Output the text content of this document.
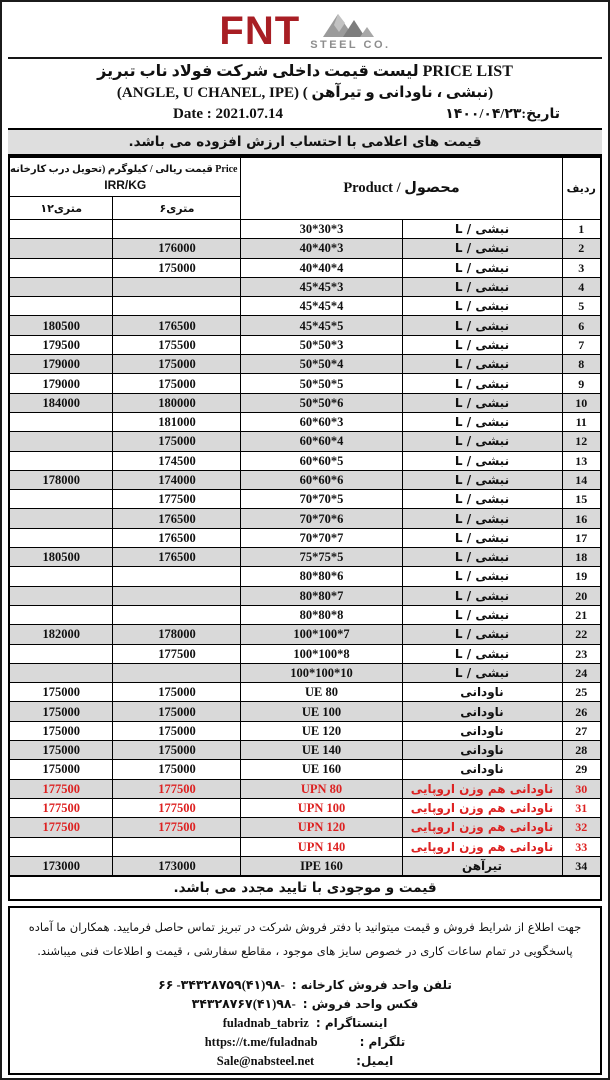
FNT STEEL CO.
PRICE LIST لیست قیمت داخلی شرکت فولاد ناب تبریز
(نبشی ، ناودانی و تیرآهن ) (ANGLE, U CHANEL, IPE)
Date : 2021.07.14	تاریخ:۱۴۰۰/۰۴/۲۳
قیمت های اعلامی با احتساب ارزش افزوده می باشد.
ردیف	محصول / Product		Price قیمت ریالی / کیلوگرم (تحویل درب کارخانه
IRR/KG	

			۶متری	۱۲متری
1	نبشی / L	30*30*3		
2	نبشی / L	40*40*3	176000	
3	نبشی / L	40*40*4	175000	
4	نبشی / L	45*45*3		
5	نبشی / L	45*45*4		
6	نبشی / L	45*45*5	176500	180500
7	نبشی / L	50*50*3	175500	179500
8	نبشی / L	50*50*4	175000	179000
9	نبشی / L	50*50*5	175000	179000
10	نبشی / L	50*50*6	180000	184000
11	نبشی / L	60*60*3	181000	
12	نبشی / L	60*60*4	175000	
13	نبشی / L	60*60*5	174500	
14	نبشی / L	60*60*6	174000	178000
15	نبشی / L	70*70*5	177500	
16	نبشی / L	70*70*6	176500	
17	نبشی / L	70*70*7	176500	
18	نبشی / L	75*75*5	176500	180500
19	نبشی / L	80*80*6		
20	نبشی / L	80*80*7		
21	نبشی / L	80*80*8		
22	نبشی / L	100*100*7	178000	182000
23	نبشی / L	100*100*8	177500	
24	نبشی / L	100*100*10		
25	ناودانی	UE 80	175000	175000
26	ناودانی	UE 100	175000	175000
27	ناودانی	UE 120	175000	175000
28	ناودانی	UE 140	175000	175000
29	ناودانی	UE 160	175000	175000
30	ناودانی هم وزن اروپایی	UPN 80	177500	177500
31	ناودانی هم وزن اروپایی	UPN 100	177500	177500
32	ناودانی هم وزن اروپایی	UPN 120	177500	177500
33	ناودانی هم وزن اروپایی	UPN 140		
34	تیرآهن	IPE 160	173000	173000
قیمت و موجودی با تایید مجدد می باشد.
جهت اطلاع از شرایط فروش و قیمت میتوانید با دفتر فروش شرکت در تبریز تماس حاصل فرمایید. همکاران ما آماده پاسخگویی در تمام ساعات کاری در خصوص سایز های موجود ، مقاطع سفارشی ، قیمت و اطلاعات فنی میباشند.
تلفن واحد فروش کارخانه :
-۹۸(۴۱)۳۴۳۲۸۷۵۹- ۶۶
فکس واحد فروش :
-۹۸(۴۱)۳۴۳۲۸۷۶۷
اینستاگرام :
fuladnab_tabriz
تلگرام :
https://t.me/fuladnab
ایمیل:
Sale@nabsteel.net
